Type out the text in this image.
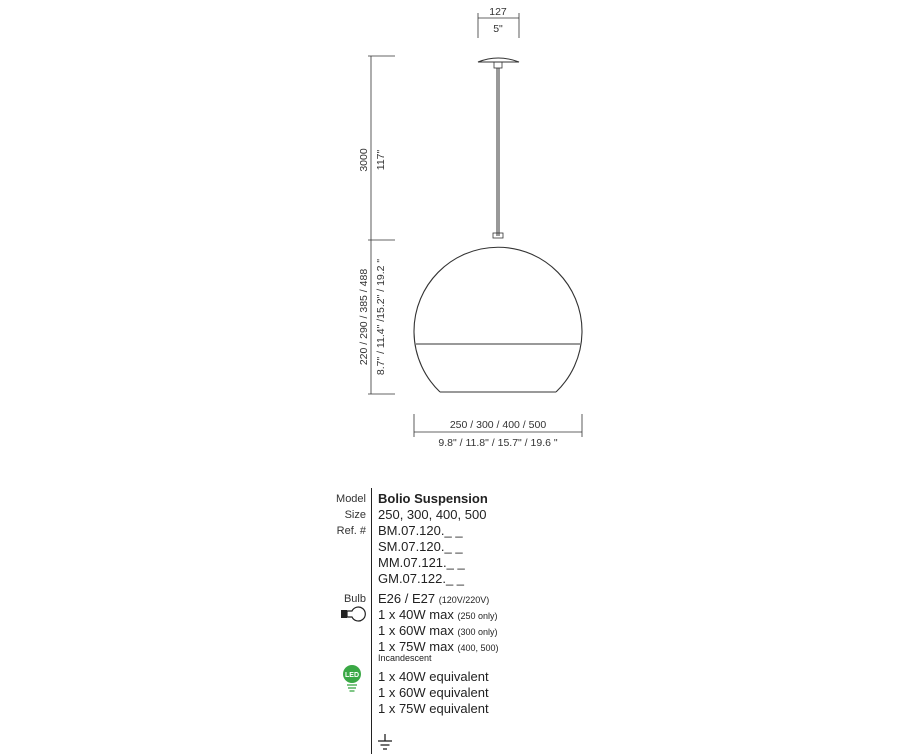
127
5"
3000 117"
220 / 290 / 385 / 488 8.7" / 11.4" /15.2" / 19.2 "
250 / 300 / 400 / 500
9.8" / 11.8" / 15.7" / 19.6 "
Model Bolio Suspension
Size 250, 300, 400, 500
Ref. # BM.07.120._ _
SM.07.120._ _
MM.07.121._ _
GM.07.122._ _
Bulb E26 / E27 (120V/220V)
1 x 40W max (250 only)
1 x 60W max (300 only)
1 x 75W max (400, 500)
Incandescent
LED 1 x 40W equivalent
1 x 60W equivalent
1 x 75W equivalent
